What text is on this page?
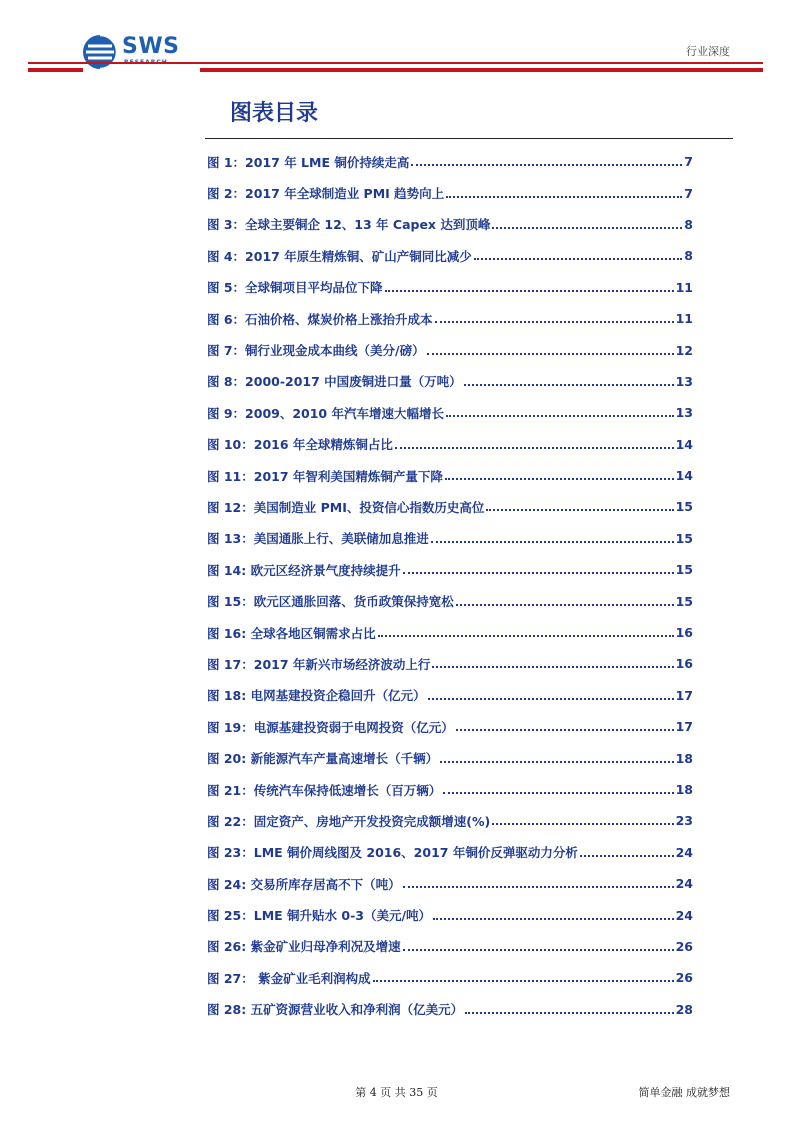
SWS	行业深度
图表目录
图 1：2017 年 LME 铜价持续走高	7
图 2：2017 年全球制造业 PMI 趋势向上	7
图 3：全球主要铜企 12、13 年 Capex 达到顶峰	8
图 4：2017 年原生精炼铜、矿山产铜同比减少	8
图 5：全球铜项目平均品位下降	11
图 6：石油价格、煤炭价格上涨抬升成本	11
图 7：铜行业现金成本曲线（美分/磅）	12
图 8：2000-2017 中国废铜进口量（万吨）	13
图 9：2009、2010 年汽车增速大幅增长	13
图 10：2016 年全球精炼铜占比	14
图 11：2017 年智利美国精炼铜产量下降	14
图 12：美国制造业 PMI、投资信心指数历史高位	15
图 13：美国通胀上行、美联储加息推进	15
图 14: 欧元区经济景气度持续提升	15
图 15：欧元区通胀回落、货币政策保持宽松	15
图 16: 全球各地区铜需求占比	16
图 17：2017 年新兴市场经济波动上行	16
图 18: 电网基建投资企稳回升（亿元）	17
图 19：电源基建投资弱于电网投资（亿元）	17
图 20: 新能源汽车产量高速增长（千辆）	18
图 21：传统汽车保持低速增长（百万辆）	18
图 22：固定资产、房地产开发投资完成额增速(%)	23
图 23：LME 铜价周线图及 2016、2017 年铜价反弹驱动力分析	24
图 24: 交易所库存居高不下（吨）	24
图 25：LME 铜升贴水 0-3（美元/吨）	24
图 26: 紫金矿业归母净利况及增速	26
图 27： 紫金矿业毛利润构成	26
图 28: 五矿资源营业收入和净利润（亿美元）	28
第 4 页 共 35 页	简单金融 成就梦想
